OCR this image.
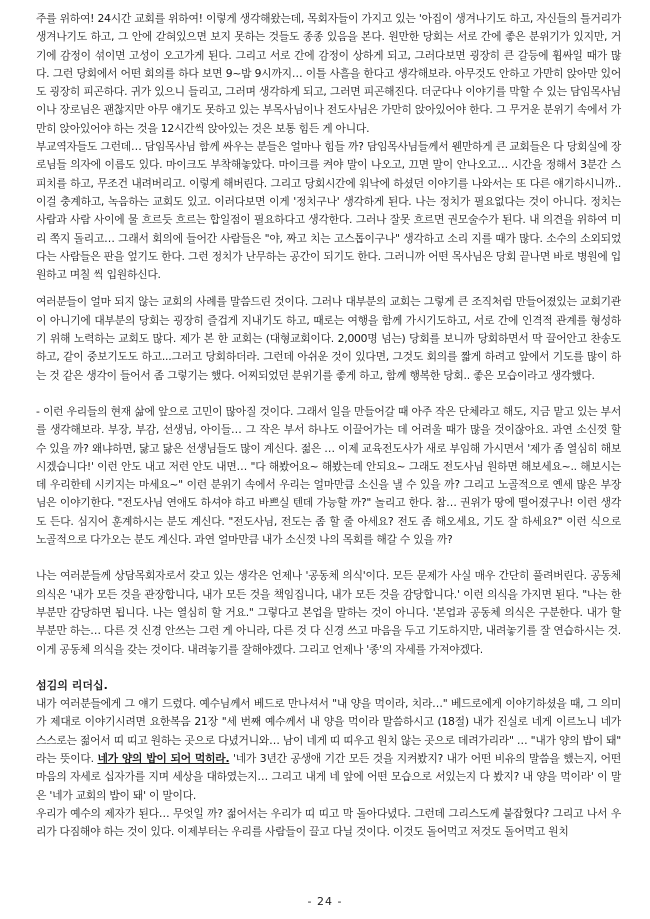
주를 위하여! 24시간 교회를 위하여! 이렇게 생각해왔는데, 목회자들이 가지고 있는 '아집이 생겨나기도 하고, 자신들의 틀거리가 생겨나기도 하고, 그 안에 갇혀있으면 보지 못하는 것들도 종종 있음을 본다. 원만한 당회는 서로 간에 좋은 분위기가 있지만, 거기에 감정이 섞이면 고성이 오고가게 된다. 그리고 서로 간에 감정이 상하게 되고, 그러다보면 굉장히 큰 갈등에 휩싸일 때가 많다. 그런 당회에서 어떤 회의를 하다 보면 9~밤 9시까지… 이틀 사흘을 한다고 생각해보라. 아무것도 안하고 가만히 앉아만 있어도 굉장히 피곤하다. 귀가 있으니 들리고, 그러며 생각하게 되고, 그러면 피곤해진다. 더군다나 이야기를 막할 수 있는 담임목사님이나 장로님은 괜찮지만 아무 얘기도 못하고 있는 부목사님이나 전도사님은 가만히 앉아있어야 한다. 그 무거운 분위기 속에서 가만히 앉아있어야 하는 것을 12시간씩 앉아있는 것은 보통 힘든 게 아니다.

부교역자들도 그런데… 담임목사님 함께 싸우는 분들은 얼마나 힘들 까? 담임목사님들께서 웬만하게 큰 교회들은 다 당회실에 장로님들 의자에 이름도 있다. 마이크도 부착해놓았다. 마이크를 켜야 말이 나오고, 끄면 말이 안나오고… 시간을 정해서 3분간 스피치를 하고, 무조건 내려버리고. 이렇게 해버린다. 그리고 당회시간에 워낙에 하셨던 이야기를 나와서는 또 다른 얘기하시니까.. 이걸 충계하고, 녹음하는 교회도 있고. 이러다보면 이게 '정치구나' 생각하게 된다. 나는 정치가 필요없다는 것이 아니다. 정치는 사람과 사람 사이에 물 흐르듯 흐르는 합일점이 필요하다고 생각한다. 그러나 잘못 흐르면 권모술수가 된다. 내 의견을 위하여 미리 쪽지 돌리고… 그래서 회의에 들어간 사람들은 "야, 짜고 치는 고스톱이구나" 생각하고 소리 지를 때가 많다. 소수의 소외되었다는 사람들은 판을 엎기도 한다. 그런 정치가 난무하는 공간이 되기도 한다. 그러니까 어떤 목사님은 당회 끝나면 바로 병원에 입원하고 며칠 씩 입원하신다.

여러분들이 얼마 되지 않는 교회의 사례를 말씀드린 것이다. 그러나 대부분의 교회는 그렇게 큰 조직처럼 만들어졌있는 교회기관이 아니기에 대부분의 당회는 굉장히 즐겁게 지내기도 하고, 때로는 여행을 함께 가시기도하고, 서로 간에 인격적 관계를 형성하기 위해 노력하는 교회도 많다. 제가 본 한 교회는 (대형교회이다. 2,000명 넘는) 당회를 보니까 당회하면서 딱 끌어안고 찬송도 하고, 같이 중보기도도 하고...그러고 당회하더라. 그런데 아쉬운 것이 있다면, 그것도 회의를 짧게 하려고 앞에서 기도를 많이 하는 것 같은 생각이 들어서 좀 그렇기는 했다. 어찌되었던 분위기를 좋게 하고, 함께 행복한 당회.. 좋은 모습이라고 생각했다.

- 이런 우리들의 현재 삶에 앞으로 고민이 많아질 것이다. 그래서 일을 만들어갈 때 아주 작은 단체라고 해도, 지금 맡고 있는 부서를 생각해보라. 부장, 부감, 선생님, 아이들… 그 작은 부서 하나도 이끌어가는 데 어려울 때가 많을 것이잖아요. 과연 소신껏 할 수 있을 까? 왜냐하면, 닳고 닳은 선생님들도 많이 계신다. 젊은 … 이제 교육전도사가 새로 부임해 가시면서 '제가 좀 열심히 해보시겠습니다!' 이런 안도 내고 저런 안도 내면… "다 해봤어요~ 해봤는데 안되요~ 그래도 전도사님 원하면 해보세요~.. 해보시는데 우리한테 시키지는 마세요~" 이런 분위기 속에서 우리는 얼마만큼 소신을 낼 수 있을 까? 그리고 노골적으로 옌세 많은 부장님은 이야기한다. "전도사님 연애도 하셔야 하고 바쁘실 텐데 가능할 까?" 놀리고 한다. 참… 권위가 땅에 떨어졌구나! 이런 생각도 든다. 심지어 훈계하시는 분도 계신다. "전도사님, 전도는 좀 할 줄 아세요? 전도 좀 해오세요, 기도 잘 하세요?" 이런 식으로 노골적으로 다가오는 분도 계신다. 과연 얼마만큼 내가 소신껏 나의 목회를 해갈 수 있을 까?

나는 여러분들께 상담목회자로서 갖고 있는 생각은 언제나 '공동체 의식'이다. 모든 문제가 사실 매우 간단히 풀려버린다. 공동체 의식은 '내가 모든 것을 관장합니다, 내가 모든 것을 책임집니다, 내가 모든 것을 감당합니다.' 이런 의식을 가지면 된다. "나는 한 부분만 감당하면 됩니다. 나는 열심히 할 거요." 그렇다고 본업을 말하는 것이 아니다. '본업과 공동체 의식은 구분한다. 내가 할 부분만 하는… 다른 것 신경 안쓰는 그런 게 아니라, 다른 것 다 신경 쓰고 마음을 두고 기도하지만, 내려놓기를 잘 연습하시는 것. 이게 공동체 의식을 갖는 것이다. 내려놓기를 잘해야겠다. 그리고 언제나 '종'의 자세를 가져야겠다.

섬김의 리더십.

내가 여러분들에게 그 얘기 드렸다. 예수님께서 베드로 만나셔서 "내 양을 먹이라, 치라…" 베드로에게 이야기하셨을 때, 그 의미가 제대로 이야기시려면 요한복음 21장 "세 번째 예수께서 내 양을 먹이라 말씀하시고 (18절) 내가 진실로 네게 이르노니 네가 스스로는 젊어서 띠 띠고 원하는 곳으로 다녔거니와… 남이 네게 띠 띠우고 원치 않는 곳으로 데려가리라" … "내가 양의 밥이 돼" 라는 뜻이다. 네가 양의 밥이 되어 먹히라. '네가 3년간 공생애 기간 모든 것을 지켜봤지? 내가 어떤 비유의 말씀을 했는지, 어떤 마음의 자세로 십자가를 지며 세상을 대하였는지… 그리고 내게 네 앞에 어떤 모습으로 서있는지 다 봤지? 내 양을 먹이라' 이 말은 '네가 교회의 밥이 돼' 이 말이다.

우리가 예수의 제자가 된다… 무엇일 까? 젊어서는 우리가 띠 띠고 막 돌아다녔다. 그런데 그리스도께 붙잡혔다? 그리고 나서 우리가 다짐해야 하는 것이 있다. 이제부터는 우리를 사람들이 끌고 다닐 것이다. 이것도 돌어먹고 저것도 돌어먹고 원치

- 24 -
